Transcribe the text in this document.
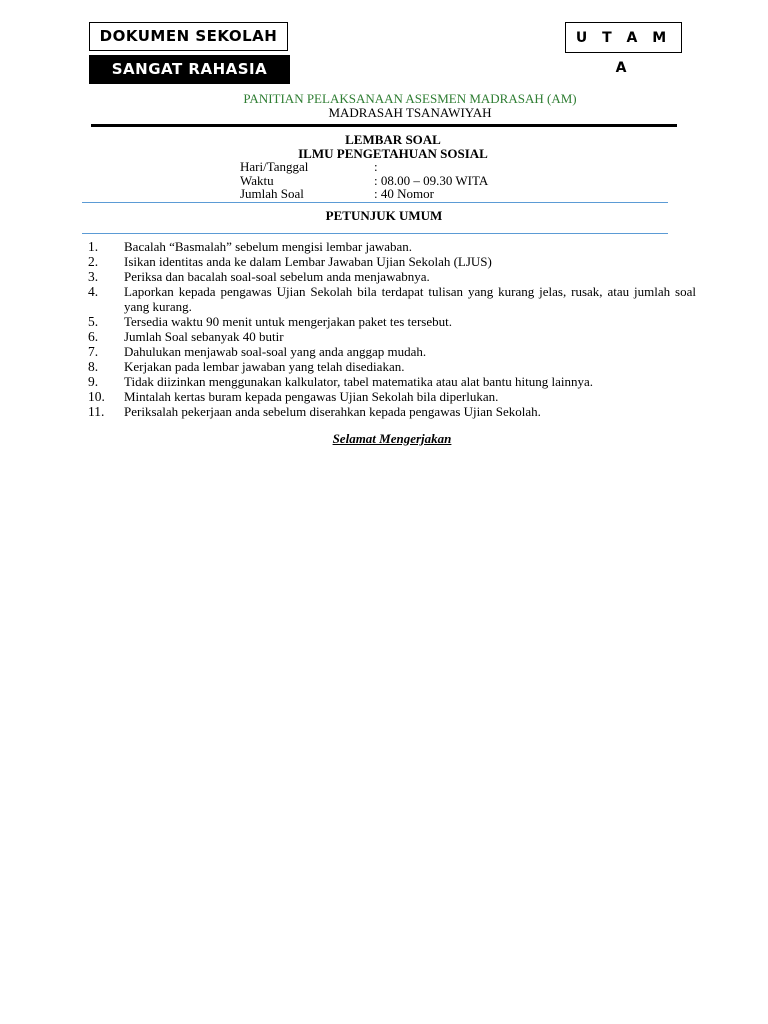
DOKUMEN SEKOLAH	U T A M A
SANGAT RAHASIA
PANITIAN PELAKSANAAN ASESMEN MADRASAH (AM)
MADRASAH TSANAWIYAH
LEMBAR SOAL
ILMU PENGETAHUAN SOSIAL
Hari/Tanggal	:
Waktu	: 08.00 – 09.30 WITA
Jumlah Soal	: 40 Nomor
PETUNJUK UMUM
1. Bacalah “Basmalah” sebelum mengisi lembar jawaban.
2. Isikan identitas anda ke dalam Lembar Jawaban Ujian Sekolah (LJUS)
3. Periksa dan bacalah soal-soal sebelum anda menjawabnya.
4. Laporkan kepada pengawas Ujian Sekolah bila terdapat tulisan yang kurang jelas, rusak, atau jumlah soal yang kurang.
5. Tersedia waktu 90 menit untuk mengerjakan paket tes tersebut.
6. Jumlah Soal sebanyak 40 butir
7. Dahulukan menjawab soal-soal yang anda anggap mudah.
8. Kerjakan pada lembar jawaban yang telah disediakan.
9. Tidak diizinkan menggunakan kalkulator, tabel matematika atau alat bantu hitung lainnya.
10. Mintalah kertas buram kepada pengawas Ujian Sekolah bila diperlukan.
11. Periksalah pekerjaan anda sebelum diserahkan kepada pengawas Ujian Sekolah.
Selamat Mengerjakan
